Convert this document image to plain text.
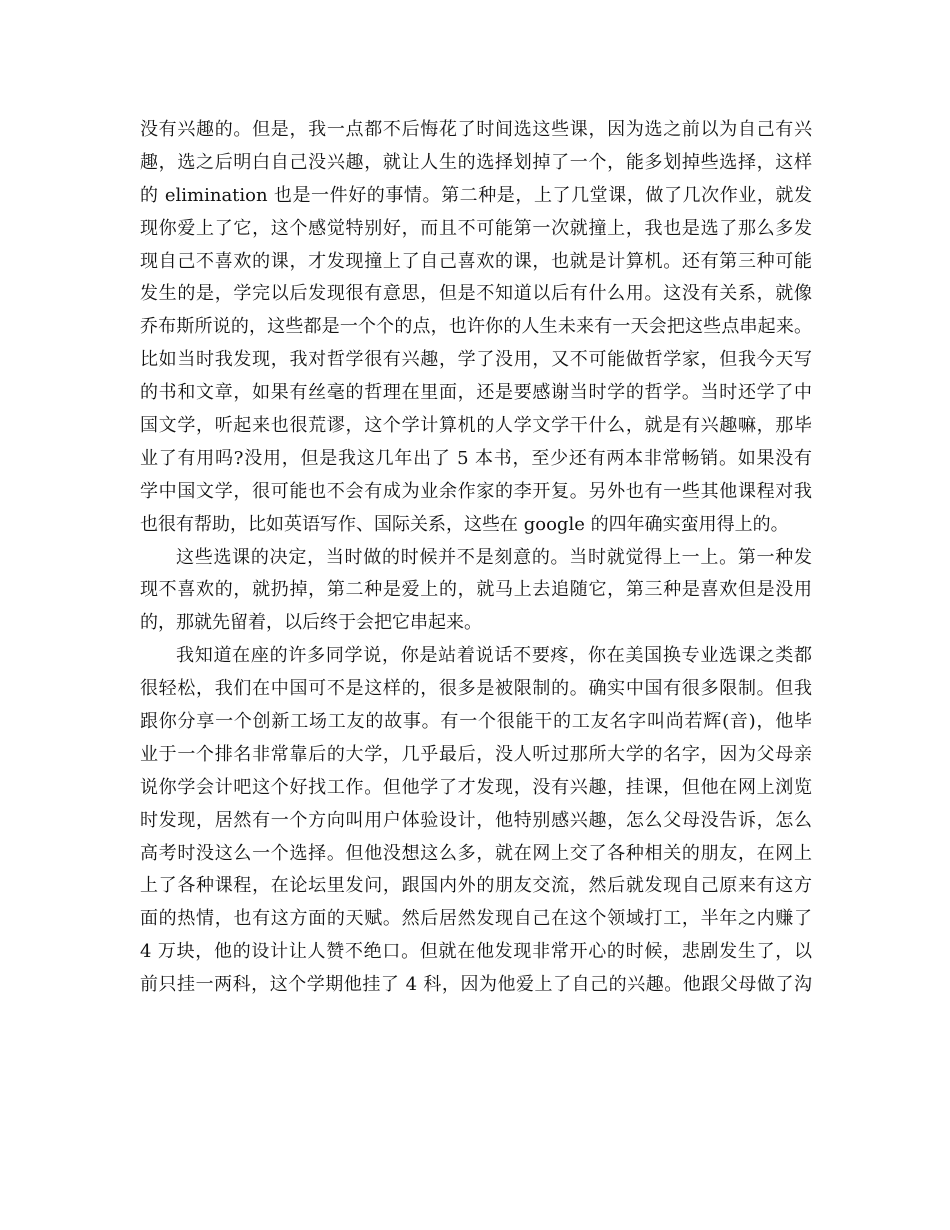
没有兴趣的。但是，我一点都不后悔花了时间选这些课，因为选之前以为自己有兴
趣，选之后明白自己没兴趣，就让人生的选择划掉了一个，能多划掉些选择，这样
的 elimination 也是一件好的事情。第二种是，上了几堂课，做了几次作业，就发
现你爱上了它，这个感觉特别好，而且不可能第一次就撞上，我也是选了那么多发
现自己不喜欢的课，才发现撞上了自己喜欢的课，也就是计算机。还有第三种可能
发生的是，学完以后发现很有意思，但是不知道以后有什么用。这没有关系，就像
乔布斯所说的，这些都是一个个的点，也许你的人生未来有一天会把这些点串起来。
比如当时我发现，我对哲学很有兴趣，学了没用，又不可能做哲学家，但我今天写
的书和文章，如果有丝毫的哲理在里面，还是要感谢当时学的哲学。当时还学了中
国文学，听起来也很荒谬，这个学计算机的人学文学干什么，就是有兴趣嘛，那毕
业了有用吗?没用，但是我这几年出了 5 本书，至少还有两本非常畅销。如果没有
学中国文学，很可能也不会有成为业余作家的李开复。另外也有一些其他课程对我
也很有帮助，比如英语写作、国际关系，这些在 google 的四年确实蛮用得上的。
这些选课的决定，当时做的时候并不是刻意的。当时就觉得上一上。第一种发
现不喜欢的，就扔掉，第二种是爱上的，就马上去追随它，第三种是喜欢但是没用
的，那就先留着，以后终于会把它串起来。
我知道在座的许多同学说，你是站着说话不要疼，你在美国换专业选课之类都
很轻松，我们在中国可不是这样的，很多是被限制的。确实中国有很多限制。但我
跟你分享一个创新工场工友的故事。有一个很能干的工友名字叫尚若辉(音)，他毕
业于一个排名非常靠后的大学，几乎最后，没人听过那所大学的名字，因为父母亲
说你学会计吧这个好找工作。但他学了才发现，没有兴趣，挂课，但他在网上浏览
时发现，居然有一个方向叫用户体验设计，他特别感兴趣，怎么父母没告诉，怎么
高考时没这么一个选择。但他没想这么多，就在网上交了各种相关的朋友，在网上
上了各种课程，在论坛里发问，跟国内外的朋友交流，然后就发现自己原来有这方
面的热情，也有这方面的天赋。然后居然发现自己在这个领域打工，半年之内赚了
4 万块，他的设计让人赞不绝口。但就在他发现非常开心的时候，悲剧发生了，以
前只挂一两科，这个学期他挂了 4 科，因为他爱上了自己的兴趣。他跟父母做了沟
